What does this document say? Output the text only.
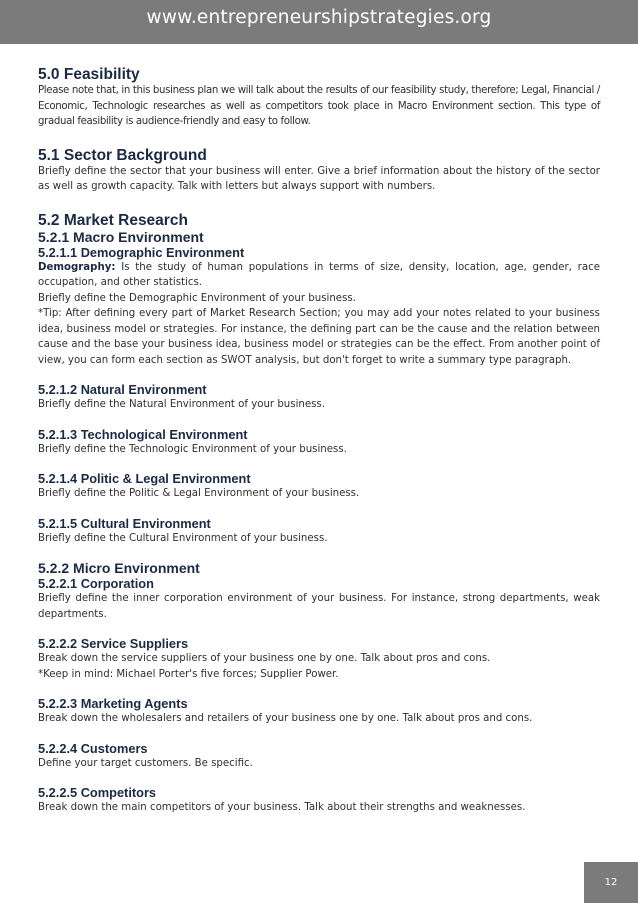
www.entrepreneurshipstrategies.org
5.0 Feasibility

Please note that, in this business plan we will talk about the results of our feasibility study, therefore; Legal, Financial / Economic, Technologic researches as well as competitors took place in Macro Environment section. This type of gradual feasibility is audience-friendly and easy to follow.

5.1 Sector Background

Briefly define the sector that your business will enter. Give a brief information about the history of the sector as well as growth capacity. Talk with letters but always support with numbers.

5.2 Market Research
5.2.1 Macro Environment
5.2.1.1 Demographic Environment

Demography: Is the study of human populations in terms of size, density, location, age, gender, race occupation, and other statistics.

Briefly define the Demographic Environment of your business.

*Tip: After defining every part of Market Research Section; you may add your notes related to your business idea, business model or strategies. For instance, the defining part can be the cause and the relation between cause and the base your business idea, business model or strategies can be the effect. From another point of view, you can form each section as SWOT analysis, but don't forget to write a summary type paragraph.

5.2.1.2 Natural Environment

Briefly define the Natural Environment of your business.

5.2.1.3 Technological Environment

Briefly define the Technologic Environment of your business.

5.2.1.4 Politic & Legal Environment

Briefly define the Politic & Legal Environment of your business.

5.2.1.5 Cultural Environment

Briefly define the Cultural Environment of your business.

5.2.2 Micro Environment
5.2.2.1 Corporation

Briefly define the inner corporation environment of your business. For instance, strong departments, weak departments.

5.2.2.2 Service Suppliers

Break down the service suppliers of your business one by one. Talk about pros and cons.

*Keep in mind: Michael Porter's five forces; Supplier Power.

5.2.2.3 Marketing Agents

Break down the wholesalers and retailers of your business one by one. Talk about pros and cons.

5.2.2.4 Customers

Define your target customers. Be specific.

5.2.2.5 Competitors

Break down the main competitors of your business. Talk about their strengths and weaknesses.

12
